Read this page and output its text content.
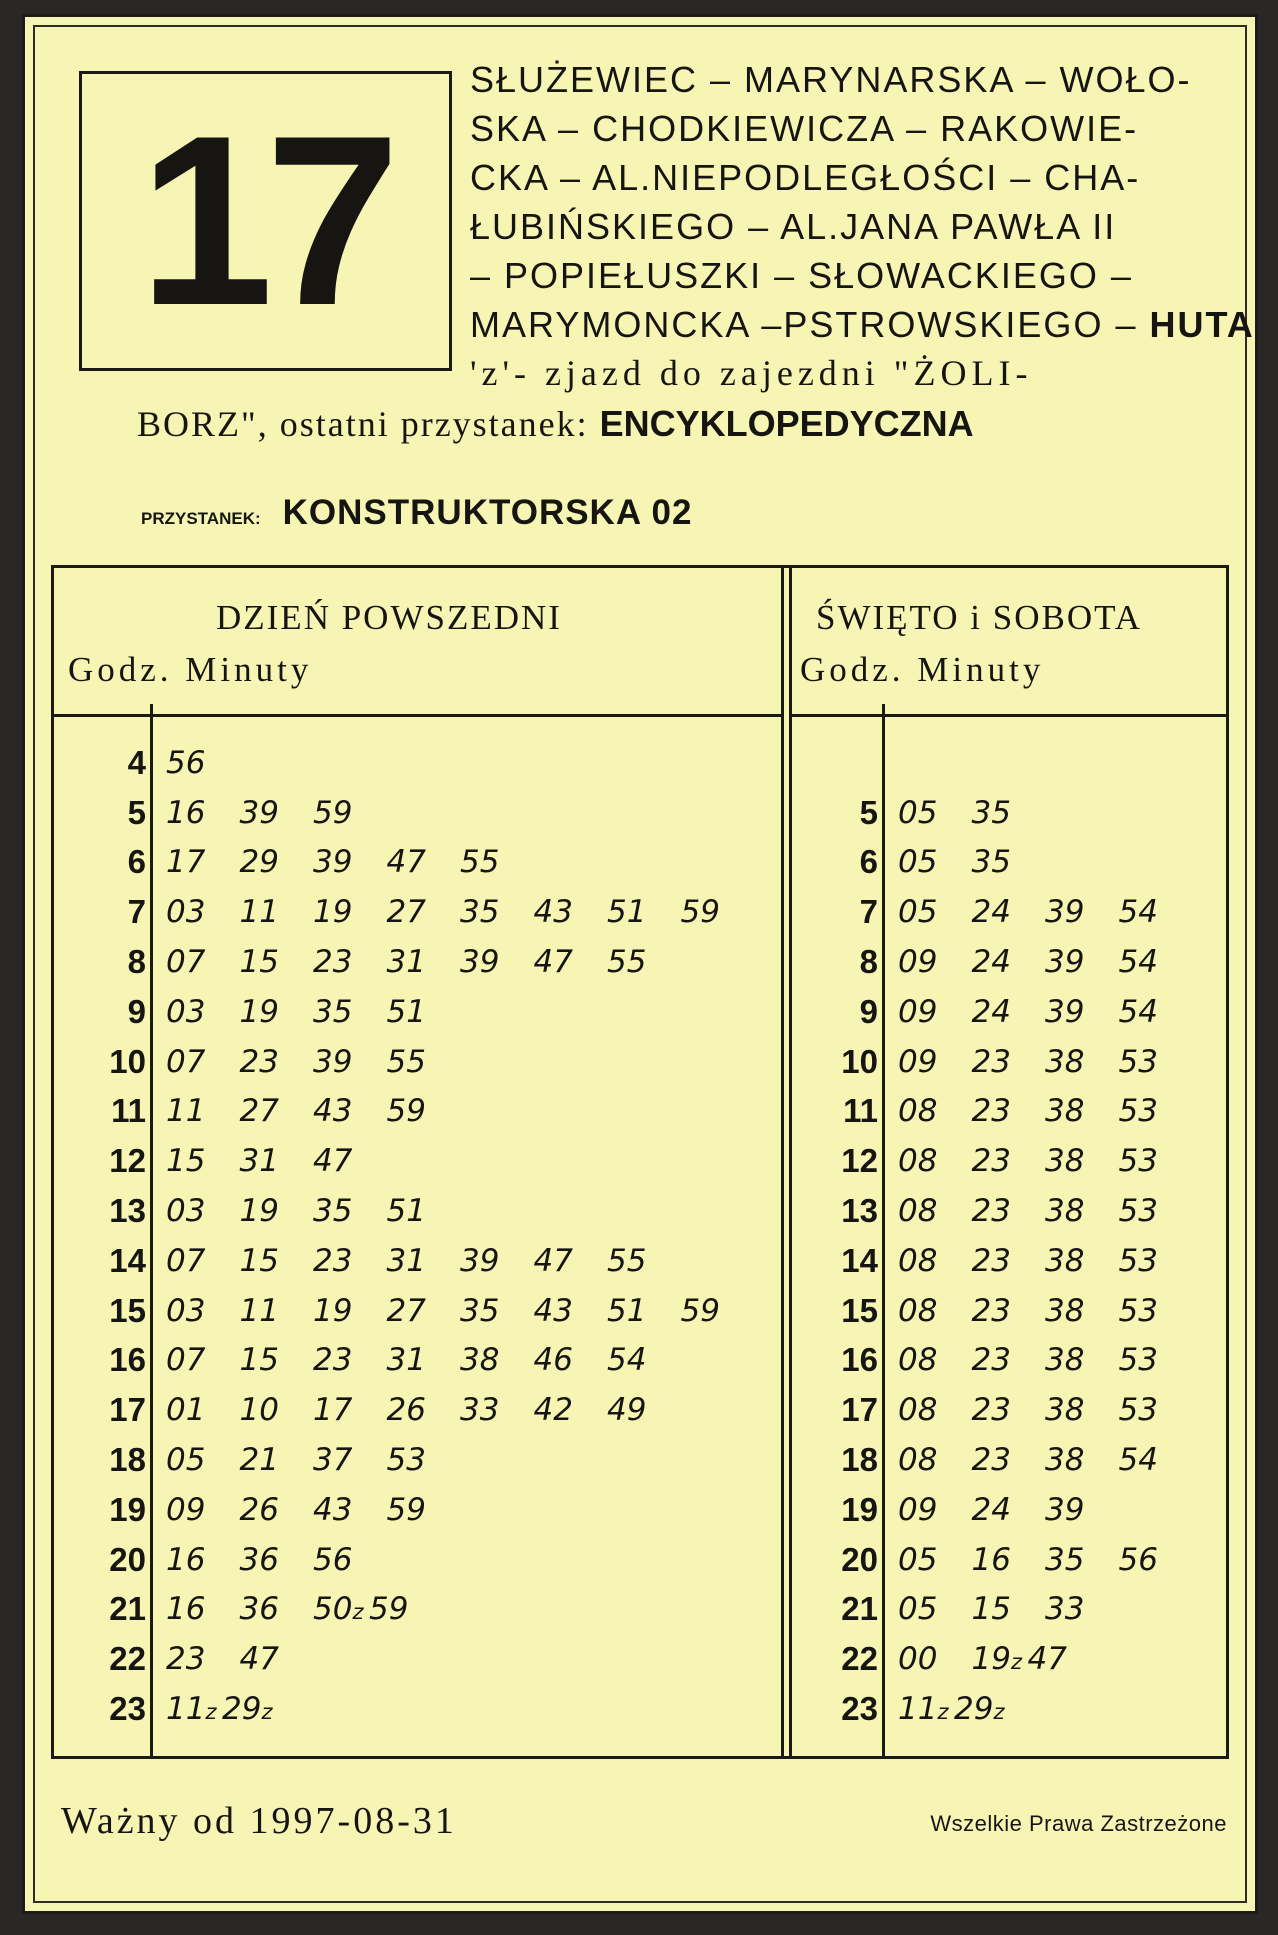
17
SŁUŻEWIEC – MARYNARSKA – WOŁO-
SKA – CHODKIEWICZA – RAKOWIE-
CKA – AL.NIEPODLEGŁOŚCI – CHA-
ŁUBIŃSKIEGO – AL.JANA PAWŁA II
– POPIEŁUSZKI – SŁOWACKIEGO –
MARYMONCKA –PSTROWSKIEGO – HUTA
'z'- zjazd do zajezdni "ŻOLI-
BORZ", ostatni przystanek: ENCYKLOPEDYCZNA
PRZYSTANEK: KONSTRUKTORSKA 02
DZIEŃ POWSZEDNI
Godz. Minuty
4 56
5 16 39 59
6 17 29 39 47 55
7 03 11 19 27 35 43 51 59
8 07 15 23 31 39 47 55
9 03 19 35 51
10 07 23 39 55
11 11 27 43 59
12 15 31 47
13 03 19 35 51
14 07 15 23 31 39 47 55
15 03 11 19 27 35 43 51 59
16 07 15 23 31 38 46 54
17 01 10 17 26 33 42 49
18 05 21 37 53
19 09 26 43 59
20 16 36 56
21 16 36 50z 59
22 23 47
23 11z 29z
ŚWIĘTO i SOBOTA
Godz. Minuty
5 05 35
6 05 35
7 05 24 39 54
8 09 24 39 54
9 09 24 39 54
10 09 23 38 53
11 08 23 38 53
12 08 23 38 53
13 08 23 38 53
14 08 23 38 53
15 08 23 38 53
16 08 23 38 53
17 08 23 38 53
18 08 23 38 54
19 09 24 39
20 05 16 35 56
21 05 15 33
22 00 19z 47
23 11z 29z
Ważny od 1997-08-31	Wszelkie Prawa Zastrzeżone
